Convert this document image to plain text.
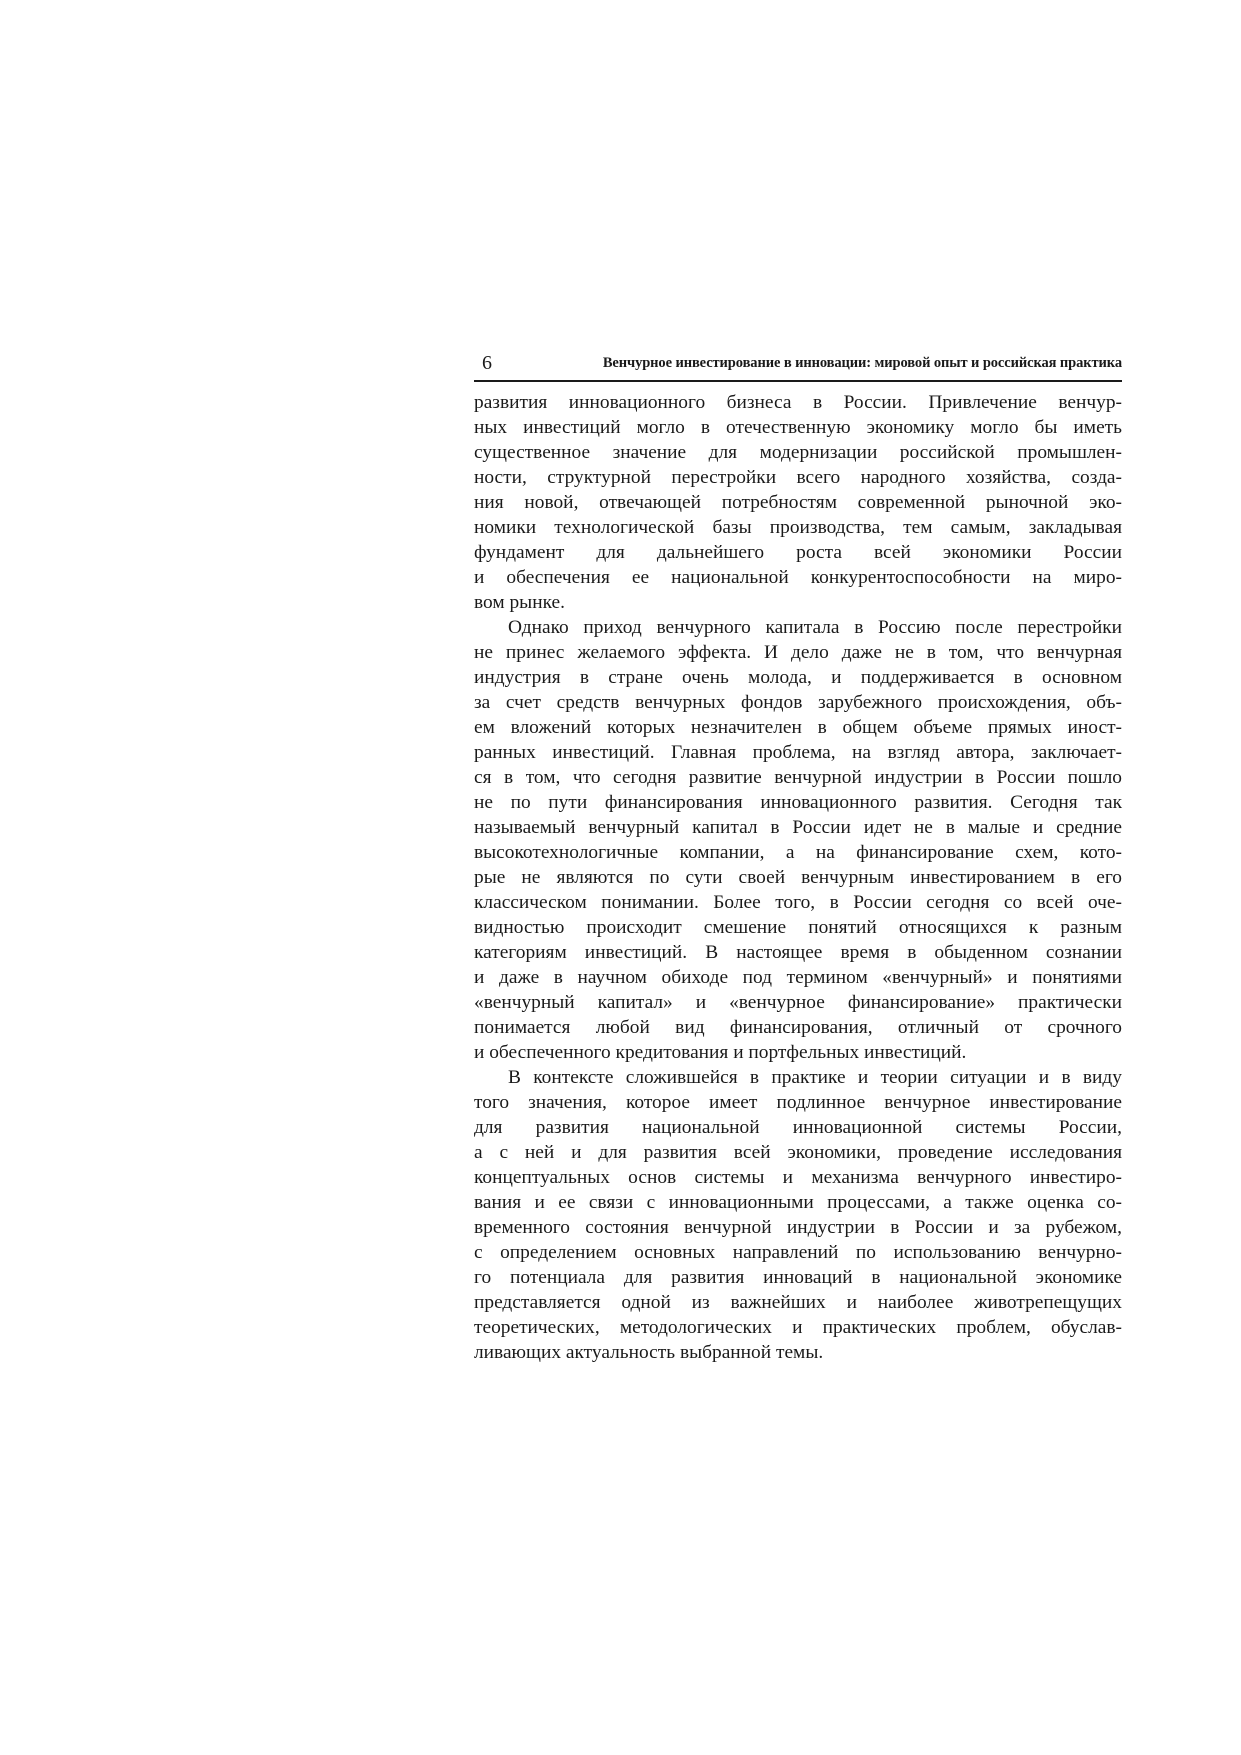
6	Венчурное инвестирование в инновации: мировой опыт и российская практика

развития инновационного бизнеса в России. Привлечение венчур-
ных инвестиций могло в отечественную экономику могло бы иметь
существенное значение для модернизации российской промышлен-
ности, структурной перестройки всего народного хозяйства, созда-
ния новой, отвечающей потребностям современной рыночной эко-
номики технологической базы производства, тем самым, закладывая
фундамент для дальнейшего роста всей экономики России
и обеспечения ее национальной конкурентоспособности на миро-
вом рынке.

Однако приход венчурного капитала в Россию после перестройки
не принес желаемого эффекта. И дело даже не в том, что венчурная
индустрия в стране очень молода, и поддерживается в основном
за счет средств венчурных фондов зарубежного происхождения, объ-
ем вложений которых незначителен в общем объеме прямых иност-
ранных инвестиций. Главная проблема, на взгляд автора, заключает-
ся в том, что сегодня развитие венчурной индустрии в России пошло
не по пути финансирования инновационного развития. Сегодня так
называемый венчурный капитал в России идет не в малые и средние
высокотехнологичные компании, а на финансирование схем, кото-
рые не являются по сути своей венчурным инвестированием в его
классическом понимании. Более того, в России сегодня со всей оче-
видностью происходит смешение понятий относящихся к разным
категориям инвестиций. В настоящее время в обыденном сознании
и даже в научном обиходе под термином «венчурный» и понятиями
«венчурный капитал» и «венчурное финансирование» практически
понимается любой вид финансирования, отличный от срочного
и обеспеченного кредитования и портфельных инвестиций.

В контексте сложившейся в практике и теории ситуации и в виду
того значения, которое имеет подлинное венчурное инвестирование
для развития национальной инновационной системы России,
а с ней и для развития всей экономики, проведение исследования
концептуальных основ системы и механизма венчурного инвестиро-
вания и ее связи с инновационными процессами, а также оценка со-
временного состояния венчурной индустрии в России и за рубежом,
с определением основных направлений по использованию венчурно-
го потенциала для развития инноваций в национальной экономике
представляется одной из важнейших и наиболее животрепещущих
теоретических, методологических и практических проблем, обуслав-
ливающих актуальность выбранной темы.
